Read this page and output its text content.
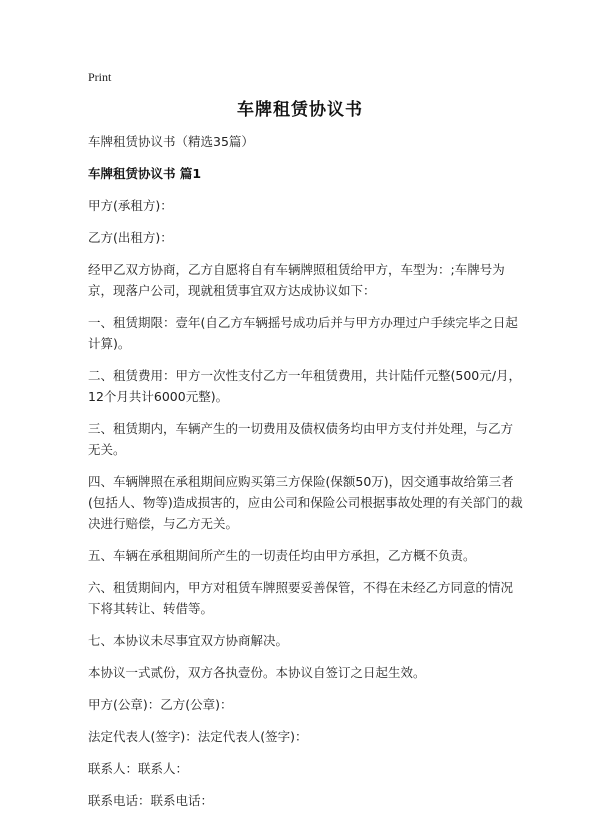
Print
车牌租赁协议书

车牌租赁协议书（精选35篇）

车牌租赁协议书 篇1

甲方(承租方)：

乙方(出租方)：

经甲乙双方协商，乙方自愿将自有车辆牌照租赁给甲方，车型为：;车牌号为京，现落户公司，现就租赁事宜双方达成协议如下：

一、租赁期限：壹年(自乙方车辆摇号成功后并与甲方办理过户手续完毕之日起计算)。

二、租赁费用：甲方一次性支付乙方一年租赁费用，共计陆仟元整(500元/月，12个月共计6000元整)。

三、租赁期内，车辆产生的一切费用及债权债务均由甲方支付并处理，与乙方无关。

四、车辆牌照在承租期间应购买第三方保险(保额50万)，因交通事故给第三者(包括人、物等)造成损害的，应由公司和保险公司根据事故处理的有关部门的裁决进行赔偿，与乙方无关。

五、车辆在承租期间所产生的一切责任均由甲方承担，乙方概不负责。

六、租赁期间内，甲方对租赁车牌照要妥善保管，不得在未经乙方同意的情况下将其转让、转借等。

七、本协议未尽事宜双方协商解决。

本协议一式贰份，双方各执壹份。本协议自签订之日起生效。

甲方(公章)：乙方(公章)：

法定代表人(签字)：法定代表人(签字)：

联系人：联系人：

联系电话：联系电话：
